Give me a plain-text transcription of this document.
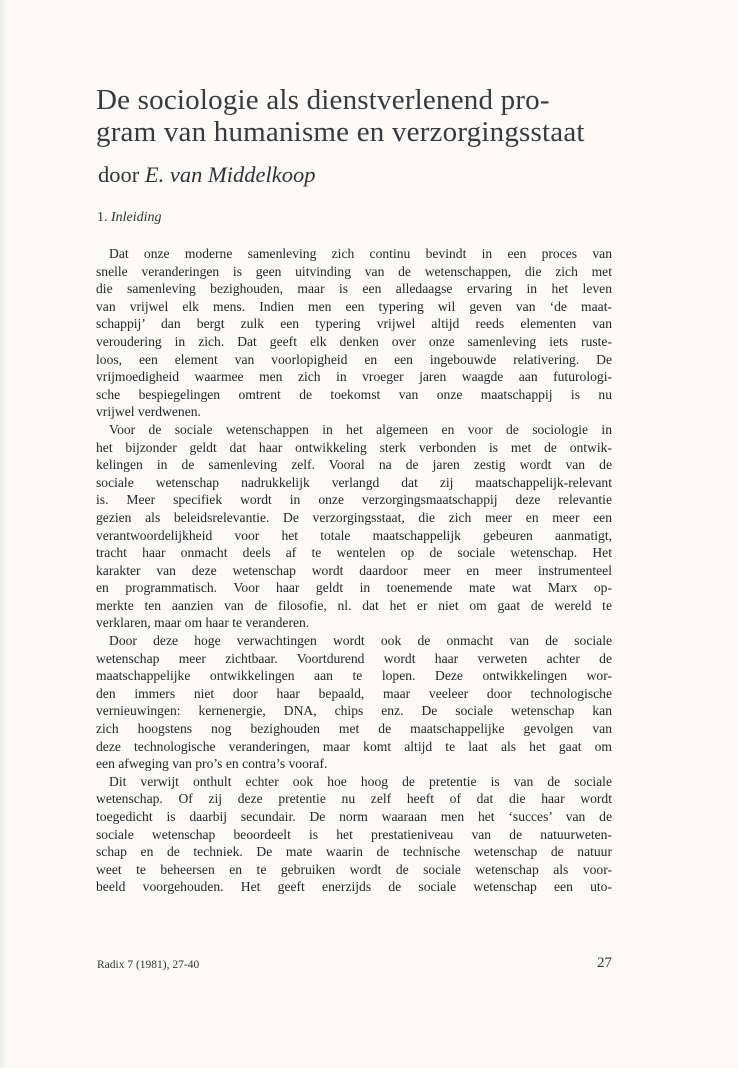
De sociologie als dienstverlenend pro-
gram van humanisme en verzorgingsstaat
door E. van Middelkoop
1. Inleiding
Dat onze moderne samenleving zich continu bevindt in een proces van
snelle veranderingen is geen uitvinding van de wetenschappen, die zich met
die samenleving bezighouden, maar is een alledaagse ervaring in het leven
van vrijwel elk mens. Indien men een typering wil geven van ‘de maat-
schappij’ dan bergt zulk een typering vrijwel altijd reeds elementen van
veroudering in zich. Dat geeft elk denken over onze samenleving iets ruste-
loos, een element van voorlopigheid en een ingebouwde relativering. De
vrijmoedigheid waarmee men zich in vroeger jaren waagde aan futurologi-
sche bespiegelingen omtrent de toekomst van onze maatschappij is nu
vrijwel verdwenen.
Voor de sociale wetenschappen in het algemeen en voor de sociologie in
het bijzonder geldt dat haar ontwikkeling sterk verbonden is met de ontwik-
kelingen in de samenleving zelf. Vooral na de jaren zestig wordt van de
sociale wetenschap nadrukkelijk verlangd dat zij maatschappelijk-relevant
is. Meer specifiek wordt in onze verzorgingsmaatschappij deze relevantie
gezien als beleidsrelevantie. De verzorgingsstaat, die zich meer en meer een
verantwoordelijkheid voor het totale maatschappelijk gebeuren aanmatigt,
tracht haar onmacht deels af te wentelen op de sociale wetenschap. Het
karakter van deze wetenschap wordt daardoor meer en meer instrumenteel
en programmatisch. Voor haar geldt in toenemende mate wat Marx op-
merkte ten aanzien van de filosofie, nl. dat het er niet om gaat de wereld te
verklaren, maar om haar te veranderen.
Door deze hoge verwachtingen wordt ook de onmacht van de sociale
wetenschap meer zichtbaar. Voortdurend wordt haar verweten achter de
maatschappelijke ontwikkelingen aan te lopen. Deze ontwikkelingen wor-
den immers niet door haar bepaald, maar veeleer door technologische
vernieuwingen: kernenergie, DNA, chips enz. De sociale wetenschap kan
zich hoogstens nog bezighouden met de maatschappelijke gevolgen van
deze technologische veranderingen, maar komt altijd te laat als het gaat om
een afweging van pro’s en contra’s vooraf.
Dit verwijt onthult echter ook hoe hoog de pretentie is van de sociale
wetenschap. Of zij deze pretentie nu zelf heeft of dat die haar wordt
toegedicht is daarbij secundair. De norm waaraan men het ‘succes’ van de
sociale wetenschap beoordeelt is het prestatieniveau van de natuurweten-
schap en de techniek. De mate waarin de technische wetenschap de natuur
weet te beheersen en te gebruiken wordt de sociale wetenschap als voor-
beeld voorgehouden. Het geeft enerzijds de sociale wetenschap een uto-
Radix 7 (1981), 27-40	27
